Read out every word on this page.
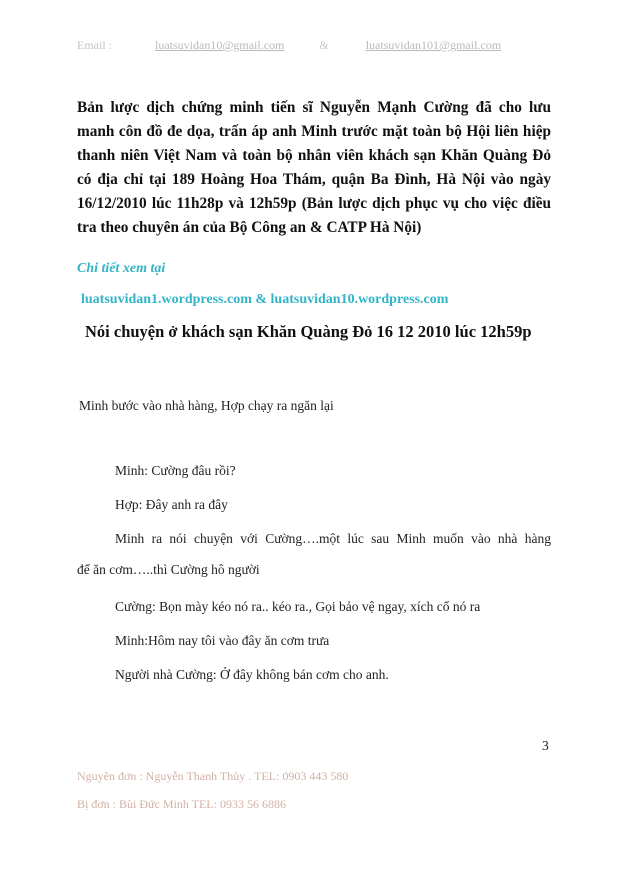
Email :	luatsuvidan10@gmail.com	&	luatsuvidan101@gmail.com
Bản lược dịch chứng minh tiến sĩ Nguyễn Mạnh Cường đã cho lưu manh côn đồ đe dọa, trấn áp anh Minh trước mặt toàn bộ Hội liên hiệp thanh niên Việt Nam và toàn bộ nhân viên khách sạn Khăn Quàng Đỏ có địa chỉ tại 189 Hoàng Hoa Thám, quận Ba Đình, Hà Nội vào ngày 16/12/2010 lúc 11h28p và 12h59p (Bản lược dịch phục vụ cho việc điều tra theo chuyên án của Bộ Công an & CATP Hà Nội)
Chi tiết xem tại
luatsuvidan1.wordpress.com & luatsuvidan10.wordpress.com
Nói chuyện ở khách sạn Khăn Quàng Đỏ 16 12 2010 lúc 12h59p
Minh bước vào nhà hàng, Hợp chạy ra ngăn lại
Minh: Cường đâu rồi?
Hợp: Đây anh ra đây
Minh ra nói chuyện với Cường….một lúc sau Minh muốn vào nhà hàng
để ăn cơm…..thì Cường hô người
Cường: Bọn mày kéo nó ra.. kéo ra., Gọi bảo vệ ngay, xích cổ nó ra
Minh:Hôm nay tôi vào đây ăn cơm trưa
Người nhà Cường: Ở đây không bán cơm cho anh.
3
Nguyên đơn : Nguyễn Thanh Thủy . TEL: 0903 443 580
Bị đơn : Bùi Đức Minh TEL: 0933 56 6886
